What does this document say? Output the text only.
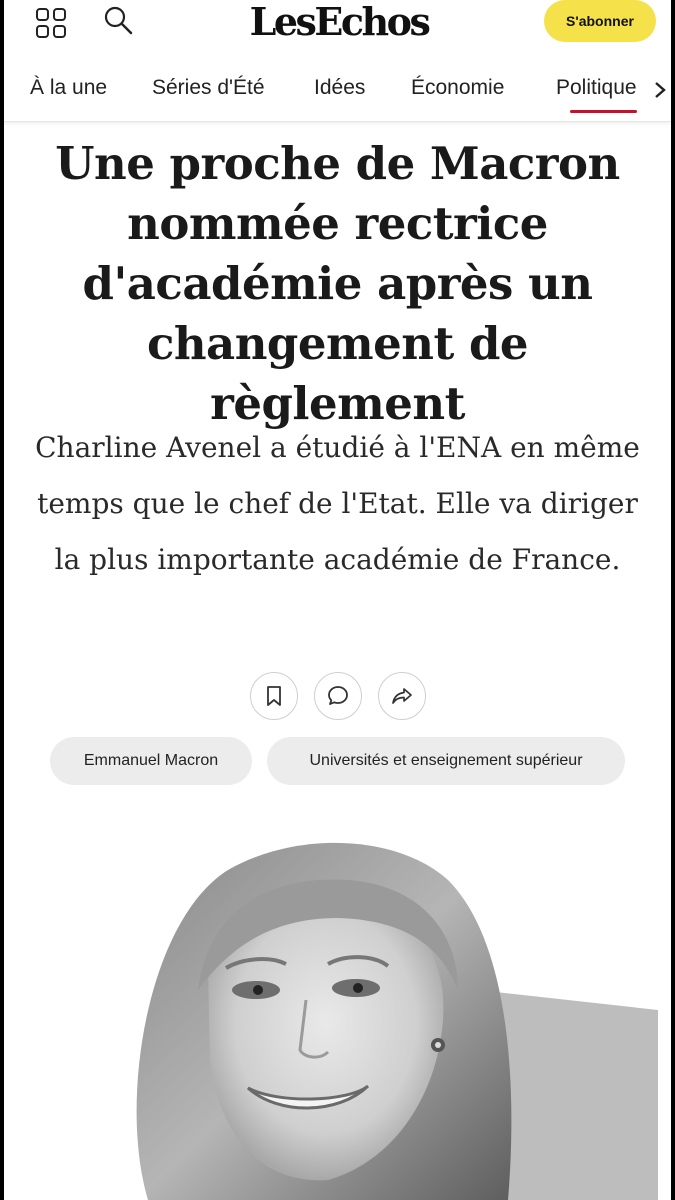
LesEchos	S'abonner
À la une Séries d'Été Idées Économie Politique
Une proche de Macron nommée rectrice d'académie après un changement de règlement

Charline Avenel a étudié à l'ENA en même temps que le chef de l'Etat. Elle va diriger la plus importante académie de France.

Emmanuel Macron	Universités et enseignement supérieur
